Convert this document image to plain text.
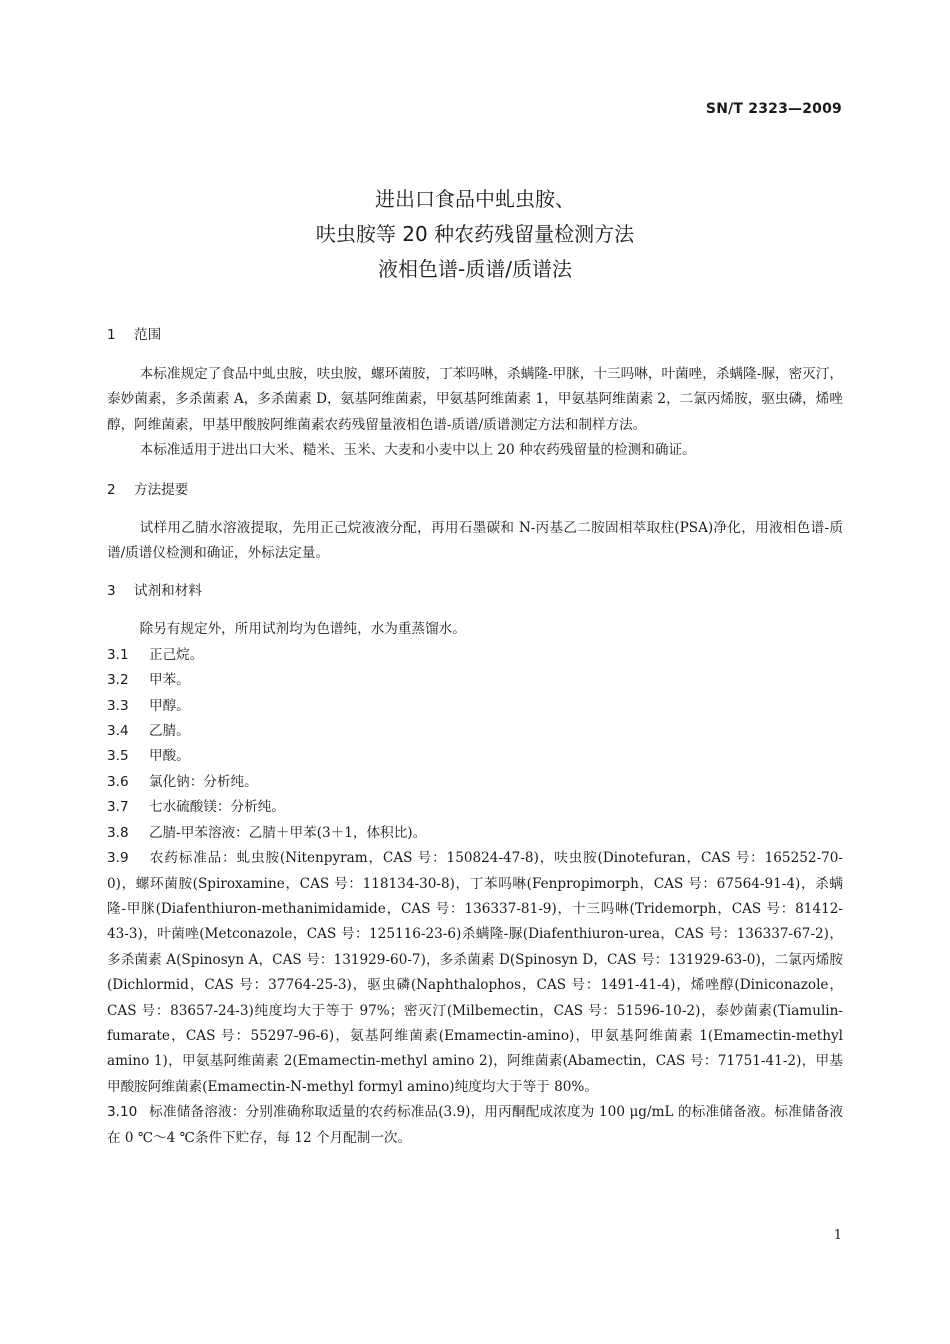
SN/T 2323—2009
进出口食品中虬虫胺、
呋虫胺等 20 种农药残留量检测方法
液相色谱-质谱/质谱法
1 范围
本标准规定了食品中虬虫胺，呋虫胺，螺环菌胺，丁苯吗啉，杀螨隆-甲脒，十三吗啉，叶菌唑，杀螨隆-脲，密灭汀，泰妙菌素，多杀菌素 A，多杀菌素 D，氨基阿维菌素，甲氨基阿维菌素 1，甲氨基阿维菌素 2，二氯丙烯胺，驱虫磷，烯唑醇，阿维菌素，甲基甲酸胺阿维菌素农药残留量液相色谱-质谱/质谱测定方法和制样方法。
本标准适用于进出口大米、糙米、玉米、大麦和小麦中以上 20 种农药残留量的检测和确证。
2 方法提要
试样用乙腈水溶液提取，先用正己烷液液分配，再用石墨碳和 N-丙基乙二胺固相萃取柱(PSA)净化，用液相色谱-质谱/质谱仪检测和确证，外标法定量。
3 试剂和材料
除另有规定外，所用试剂均为色谱纯，水为重蒸馏水。
3.1 正己烷。
3.2 甲苯。
3.3 甲醇。
3.4 乙腈。
3.5 甲酸。
3.6 氯化钠：分析纯。
3.7 七水硫酸镁：分析纯。
3.8 乙腈-甲苯溶液：乙腈＋甲苯(3＋1，体积比)。
3.9 农药标准品：虬虫胺(Nitenpyram，CAS 号：150824-47-8)，呋虫胺(Dinotefuran，CAS 号：165252-70-0)，螺环菌胺(Spiroxamine，CAS 号：118134-30-8)，丁苯吗啉(Fenpropimorph，CAS 号：67564-91-4)，杀螨隆-甲脒(Diafenthiuron-methanimidamide，CAS 号：136337-81-9)，十三吗啉(Tridemorph，CAS 号：81412-43-3)，叶菌唑(Metconazole，CAS 号：125116-23-6)杀螨隆-脲(Diafenthiuron-urea，CAS 号：136337-67-2)，多杀菌素 A(Spinosyn A，CAS 号：131929-60-7)，多杀菌素 D(Spinosyn D，CAS 号：131929-63-0)，二氯丙烯胺(Dichlormid，CAS 号：37764-25-3)，驱虫磷(Naphthalophos，CAS 号：1491-41-4)，烯唑醇(Diniconazole，CAS 号：83657-24-3)纯度均大于等于 97%；密灭汀(Milbemectin，CAS 号：51596-10-2)，泰妙菌素(Tiamulin-fumarate，CAS 号：55297-96-6)，氨基阿维菌素(Emamectin-amino)，甲氨基阿维菌素 1(Emamectin-methyl amino 1)，甲氨基阿维菌素 2(Emamectin-methyl amino 2)，阿维菌素(Abamectin，CAS 号：71751-41-2)，甲基甲酸胺阿维菌素(Emamectin-N-methyl formyl amino)纯度均大于等于 80%。
3.10 标准储备溶液：分别准确称取适量的农药标准品(3.9)，用丙酮配成浓度为 100 μg/mL 的标准储备液。标准储备液在 0 ℃～4 ℃条件下贮存，每 12 个月配制一次。
1
